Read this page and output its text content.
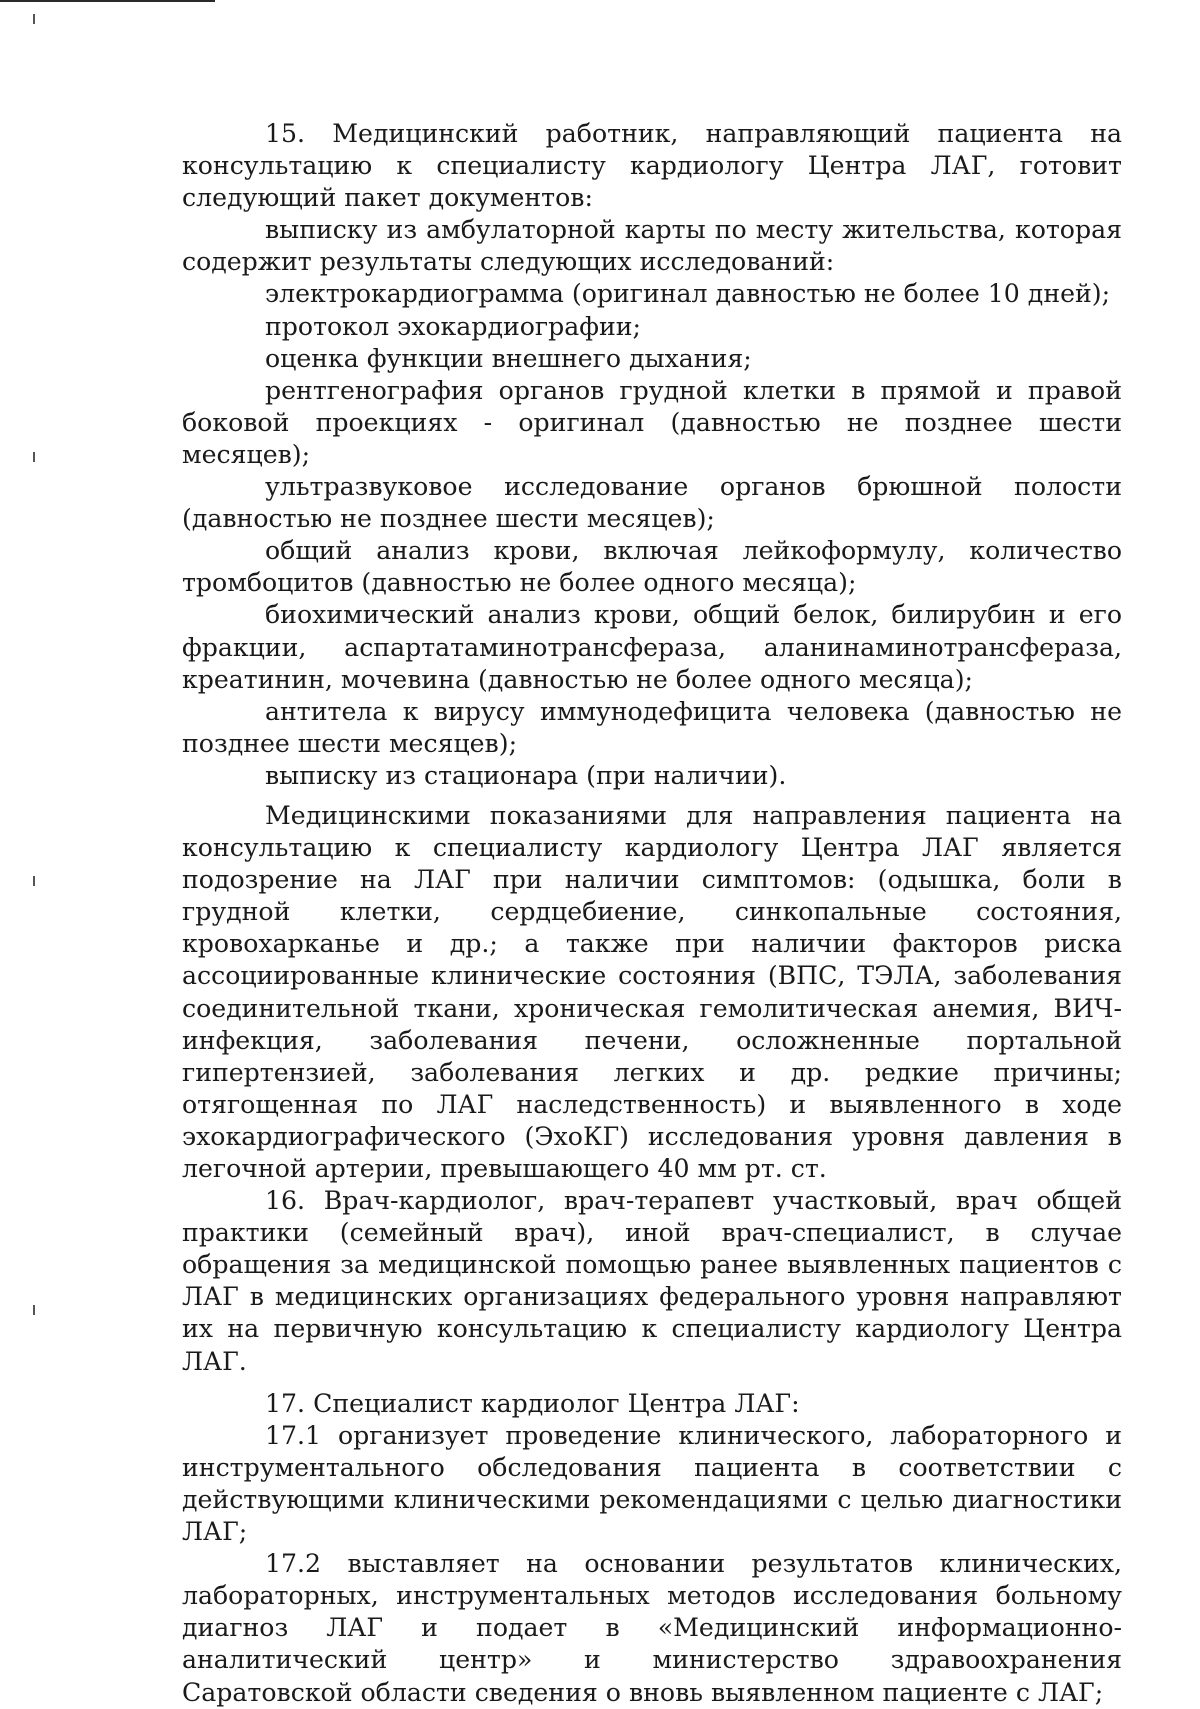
15. Медицинский работник, направляющий пациента на консультацию к специалисту кардиологу Центра ЛАГ, готовит следующий пакет документов:

выписку из амбулаторной карты по месту жительства, которая содержит результаты следующих исследований:

электрокардиограмма (оригинал давностью не более 10 дней);

протокол эхокардиографии;

оценка функции внешнего дыхания;

рентгенография органов грудной клетки в прямой и правой боковой проекциях - оригинал (давностью не позднее шести месяцев);

ультразвуковое исследование органов брюшной полости (давностью не позднее шести месяцев);

общий анализ крови, включая лейкоформулу, количество тромбоцитов (давностью не более одного месяца);

биохимический анализ крови, общий белок, билирубин и его фракции, аспартатаминотрансфераза, аланинаминотрансфераза, креатинин, мочевина (давностью не более одного месяца);

антитела к вирусу иммунодефицита человека (давностью не позднее шести месяцев);

выписку из стационара (при наличии).

Медицинскими показаниями для направления пациента на консультацию к специалисту кардиологу Центра ЛАГ является подозрение на ЛАГ при наличии симптомов: (одышка, боли в грудной клетки, сердцебиение, синкопальные состояния, кровохарканье и др.; а также при наличии факторов риска ассоциированные клинические состояния (ВПС, ТЭЛА, заболевания соединительной ткани, хроническая гемолитическая анемия, ВИЧ-инфекция, заболевания печени, осложненные портальной гипертензией, заболевания легких и др. редкие причины; отягощенная по ЛАГ наследственность) и выявленного в ходе эхокардиографического (ЭхоКГ) исследования уровня давления в легочной артерии, превышающего 40 мм рт. ст.

16. Врач-кардиолог, врач-терапевт участковый, врач общей практики (семейный врач), иной врач-специалист, в случае обращения за медицинской помощью ранее выявленных пациентов с ЛАГ в медицинских организациях федерального уровня направляют их на первичную консультацию к специалисту кардиологу Центра ЛАГ.

17. Специалист кардиолог Центра ЛАГ:

17.1 организует проведение клинического, лабораторного и инструментального обследования пациента в соответствии с действующими клиническими рекомендациями с целью диагностики ЛАГ;

17.2 выставляет на основании результатов клинических, лабораторных, инструментальных методов исследования больному диагноз ЛАГ и подает в «Медицинский информационно-аналитический центр» и министерство здравоохранения Саратовской области сведения о вновь выявленном пациенте с ЛАГ;
